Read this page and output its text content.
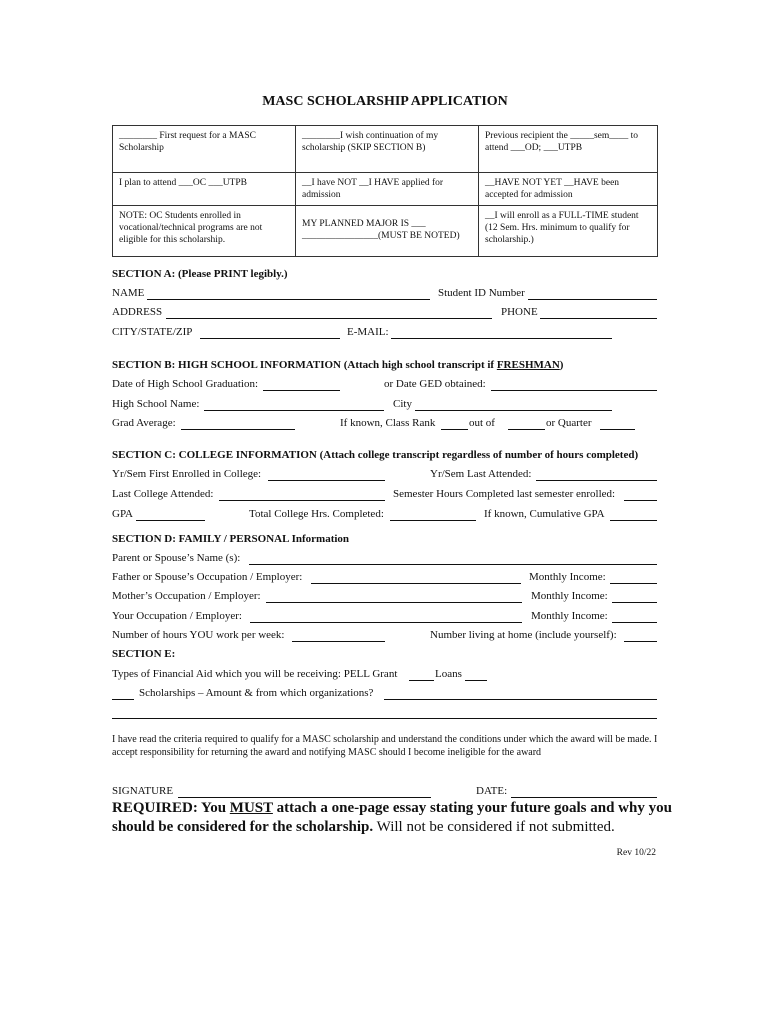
MASC SCHOLARSHIP APPLICATION
________ First request for a MASC Scholarship	________I wish continuation of my scholarship (SKIP SECTION B)	Previous recipient the _____sem____ to attend ___OD; ___UTPB
I plan to attend ___OC ___UTPB	__I have NOT __I HAVE applied for admission	__HAVE NOT YET __HAVE been accepted for admission
NOTE: OC Students enrolled in vocational/technical programs are not eligible for this scholarship.	MY PLANNED MAJOR IS ___ ________________(MUST BE NOTED)	__I will enroll as a FULL-TIME student (12 Sem. Hrs. minimum to qualify for scholarship.)
SECTION A: (Please PRINT legibly.)
NAME	Student ID Number
ADDRESS	PHONE
CITY/STATE/ZIP	E-MAIL:
SECTION B: HIGH SCHOOL INFORMATION (Attach high school transcript if FRESHMAN)
Date of High School Graduation:	or Date GED obtained:
High School Name:	City
Grad Average:	If known, Class Rank	out of	or Quarter
SECTION C: COLLEGE INFORMATION (Attach college transcript regardless of number of hours completed)
Yr/Sem First Enrolled in College:	Yr/Sem Last Attended:
Last College Attended:	Semester Hours Completed last semester enrolled:
GPA	Total College Hrs. Completed:	If known, Cumulative GPA
SECTION D: FAMILY / PERSONAL Information
Parent or Spouse’s Name (s):
Father or Spouse’s Occupation / Employer:	Monthly Income:
Mother’s Occupation / Employer:	Monthly Income:
Your Occupation / Employer:	Monthly Income:
Number of hours YOU work per week:	Number living at home (include yourself):
SECTION E:
Types of Financial Aid which you will be receiving: PELL Grant	Loans
Scholarships – Amount & from which organizations?
I have read the criteria required to qualify for a MASC scholarship and understand the conditions under which the award will be made. I accept responsibility for returning the award and notifying MASC should I become ineligible for the award
SIGNATURE	DATE:
REQUIRED: You MUST attach a one-page essay stating your future goals and why you should be considered for the scholarship. Will not be considered if not submitted.
Rev 10/22
